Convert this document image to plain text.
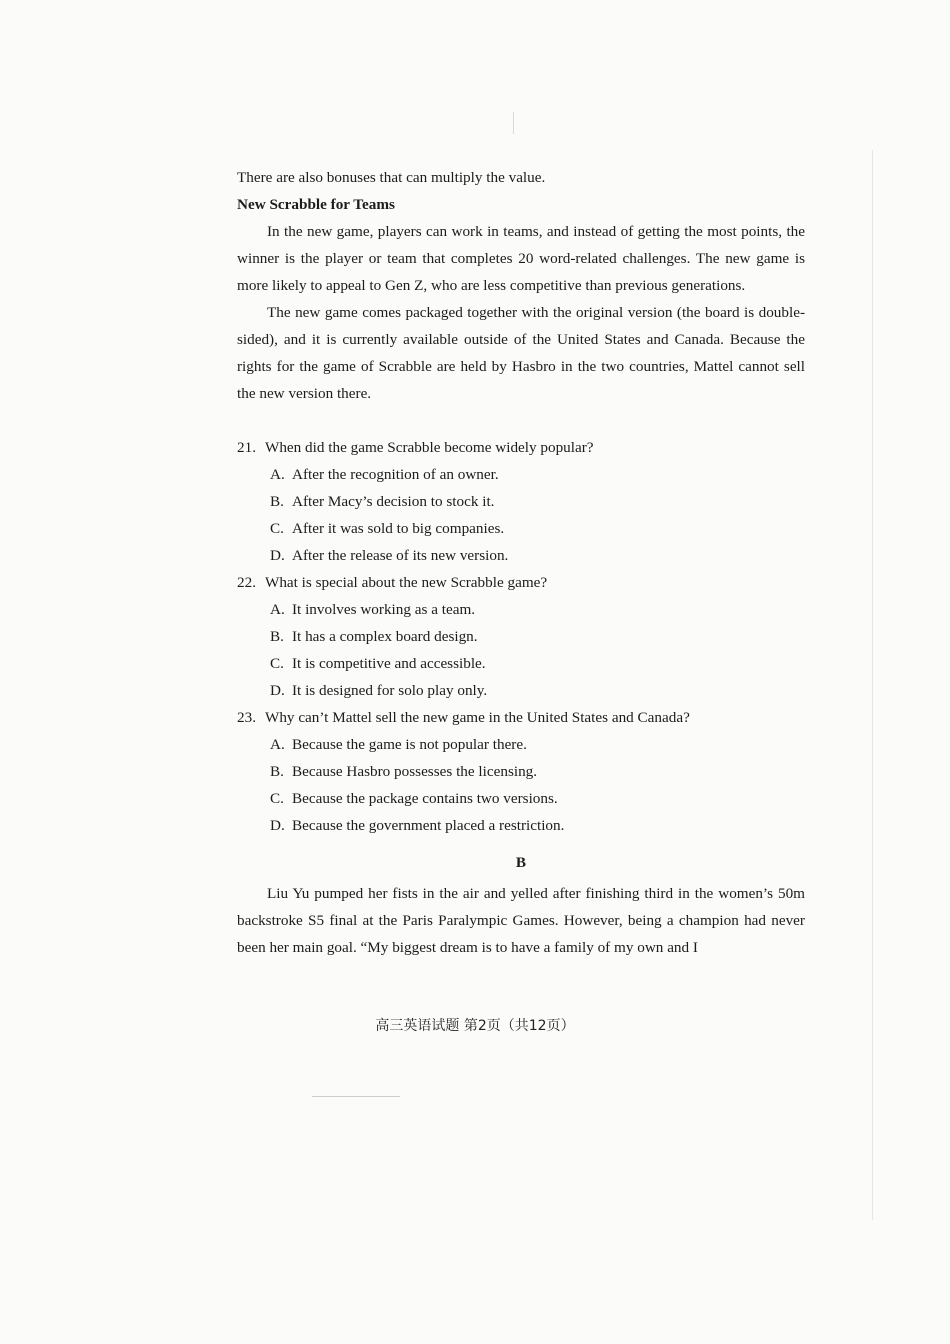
There are also bonuses that can multiply the value.

New Scrabble for Teams

In the new game, players can work in teams, and instead of getting the most points, the winner is the player or team that completes 20 word-related challenges. The new game is more likely to appeal to Gen Z, who are less competitive than previous generations.

The new game comes packaged together with the original version (the board is double-sided), and it is currently available outside of the United States and Canada. Because the rights for the game of Scrabble are held by Hasbro in the two countries, Mattel cannot sell the new version there.

21. When did the game Scrabble become widely popular?

A. After the recognition of an owner.

B. After Macy’s decision to stock it.

C. After it was sold to big companies.

D. After the release of its new version.

22. What is special about the new Scrabble game?

A. It involves working as a team.

B. It has a complex board design.

C. It is competitive and accessible.

D. It is designed for solo play only.

23. Why can’t Mattel sell the new game in the United States and Canada?

A. Because the game is not popular there.

B. Because Hasbro possesses the licensing.

C. Because the package contains two versions.

D. Because the government placed a restriction.

B

Liu Yu pumped her fists in the air and yelled after finishing third in the women’s 50m backstroke S5 final at the Paris Paralympic Games. However, being a champion had never been her main goal. “My biggest dream is to have a family of my own and I

高三英语试题 第2页（共12页）
